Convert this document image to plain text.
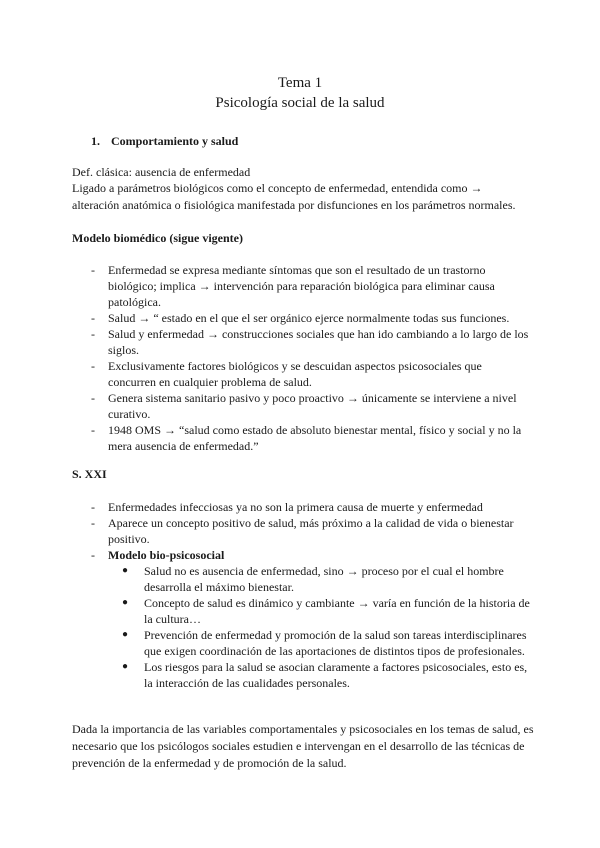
Tema 1
Psicología social de la salud
1. Comportamiento y salud
Def. clásica: ausencia de enfermedad
Ligado a parámetros biológicos como el concepto de enfermedad, entendida como → alteración anatómica o fisiológica manifestada por disfunciones en los parámetros normales.
Modelo biomédico (sigue vigente)
- Enfermedad se expresa mediante síntomas que son el resultado de un trastorno biológico; implica → intervención para reparación biológica para eliminar causa patológica.
- Salud → “ estado en el que el ser orgánico ejerce normalmente todas sus funciones.
- Salud y enfermedad → construcciones sociales que han ido cambiando a lo largo de los siglos.
- Exclusivamente factores biológicos y se descuidan aspectos psicosociales que concurren en cualquier problema de salud.
- Genera sistema sanitario pasivo y poco proactivo → únicamente se interviene a nivel curativo.
- 1948 OMS → “salud como estado de absoluto bienestar mental, físico y social y no la mera ausencia de enfermedad.”
S. XXI
- Enfermedades infecciosas ya no son la primera causa de muerte y enfermedad
- Aparece un concepto positivo de salud, más próximo a la calidad de vida o bienestar positivo.
- Modelo bio-psicosocial
● Salud no es ausencia de enfermedad, sino → proceso por el cual el hombre desarrolla el máximo bienestar.
● Concepto de salud es dinámico y cambiante → varía en función de la historia de la cultura…
● Prevención de enfermedad y promoción de la salud son tareas interdisciplinares que exigen coordinación de las aportaciones de distintos tipos de profesionales.
● Los riesgos para la salud se asocian claramente a factores psicosociales, esto es, la interacción de las cualidades personales.
Dada la importancia de las variables comportamentales y psicosociales en los temas de salud, es necesario que los psicólogos sociales estudien e intervengan en el desarrollo de las técnicas de prevención de la enfermedad y de promoción de la salud.
